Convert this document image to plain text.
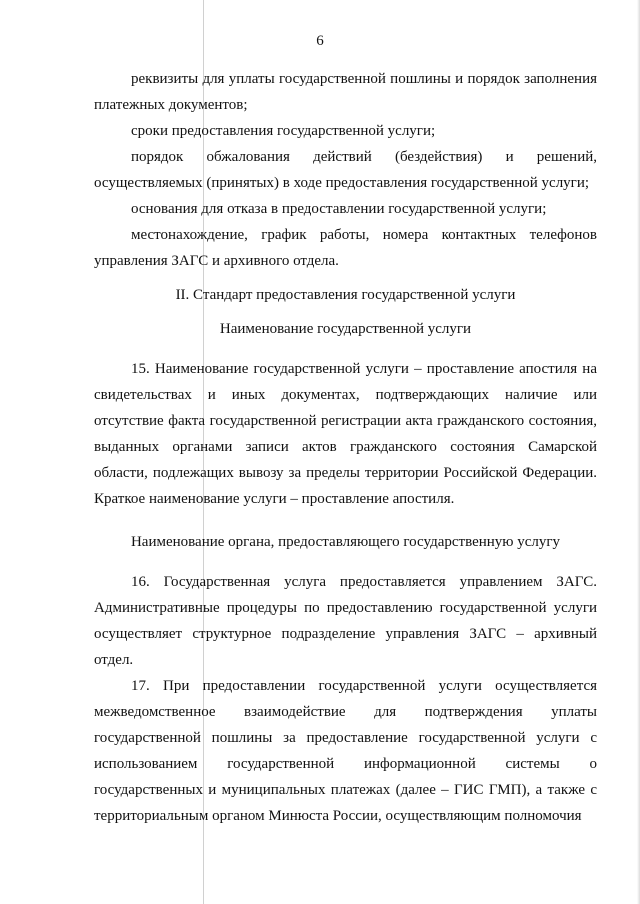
6

реквизиты для уплаты государственной пошлины и порядок заполнения платежных документов;

сроки предоставления государственной услуги;

порядок обжалования действий (бездействия) и решений, осуществляемых (принятых) в ходе предоставления государственной услуги;

основания для отказа в предоставлении государственной услуги;

местонахождение, график работы, номера контактных телефонов управления ЗАГС и архивного отдела.

II. Стандарт предоставления государственной услуги

Наименование государственной услуги

15. Наименование государственной услуги – проставление апостиля на свидетельствах и иных документах, подтверждающих наличие или отсутствие факта государственной регистрации акта гражданского состояния, выданных органами записи актов гражданского состояния Самарской области, подлежащих вывозу за пределы территории Российской Федерации. Краткое наименование услуги – проставление апостиля.

Наименование органа, предоставляющего государственную услугу

16. Государственная услуга предоставляется управлением ЗАГС. Административные процедуры по предоставлению государственной услуги осуществляет структурное подразделение управления ЗАГС – архивный отдел.

17. При предоставлении государственной услуги осуществляется межведомственное взаимодействие для подтверждения уплаты государственной пошлины за предоставление государственной услуги с использованием государственной информационной системы о государственных и муниципальных платежах (далее – ГИС ГМП), а также с территориальным органом Минюста России, осуществляющим полномочия
